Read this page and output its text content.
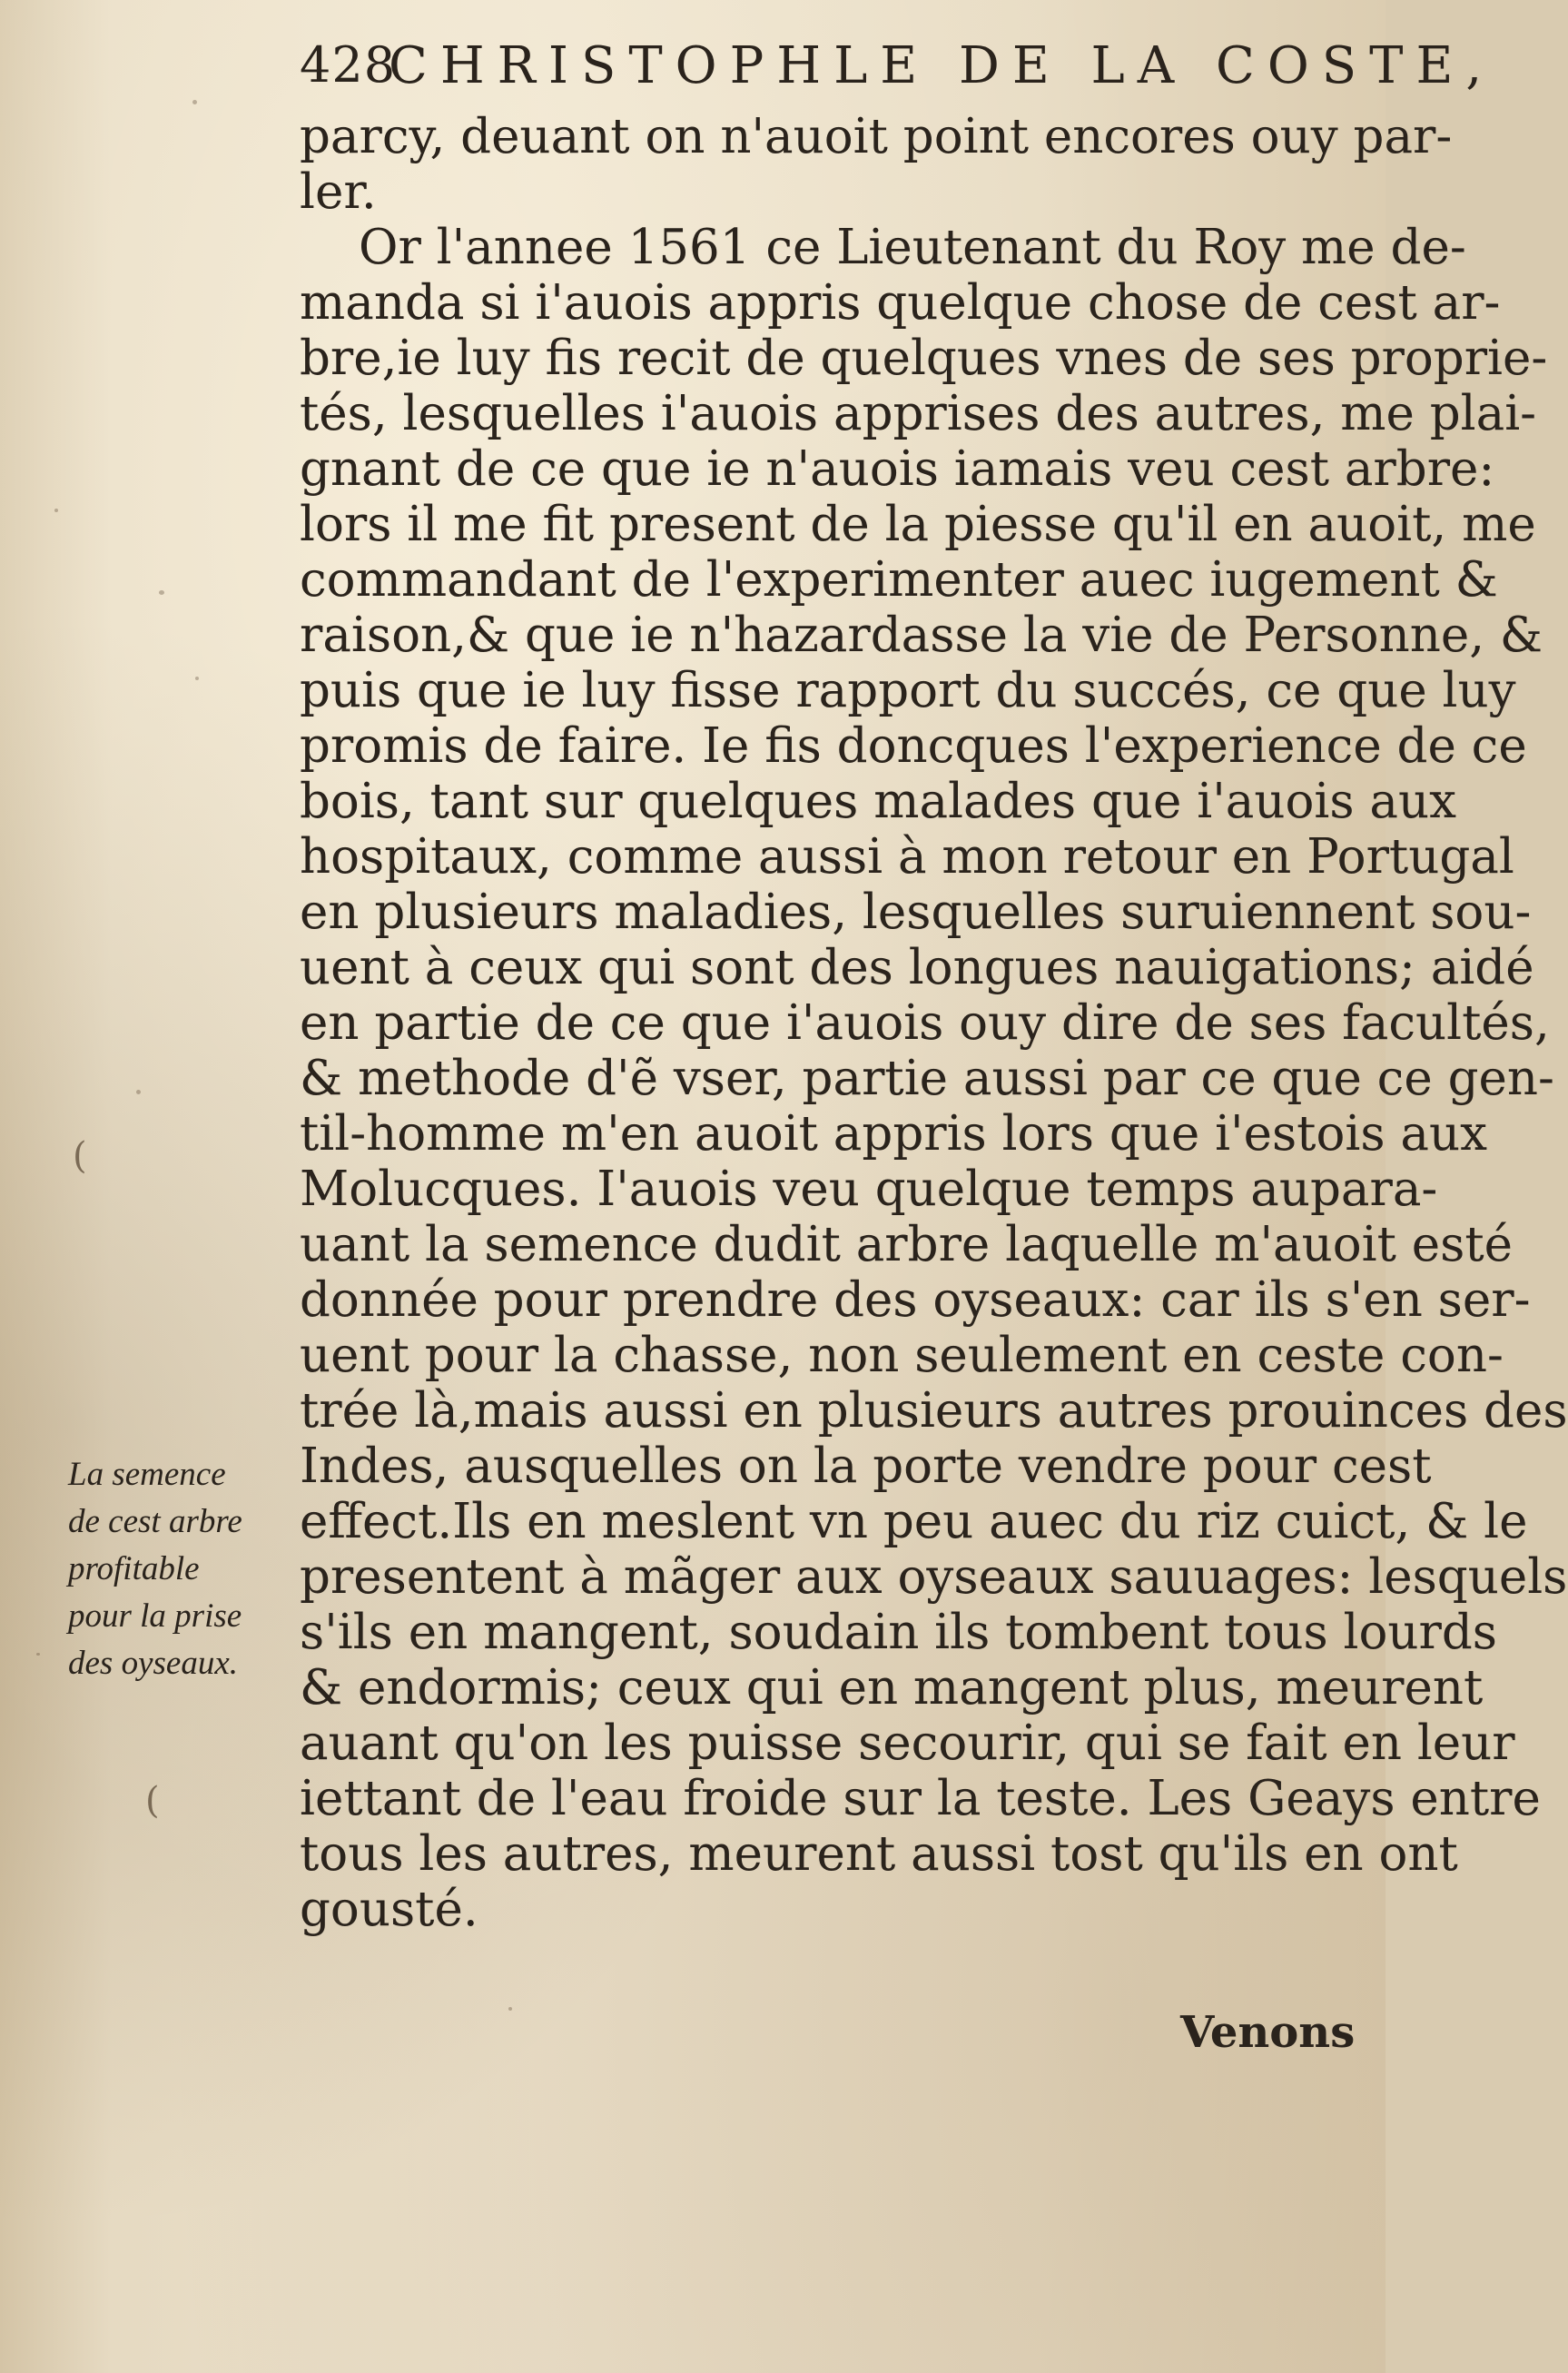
(
(
428
CHRISTOPHLE DE LA COSTE,
parcy, deuant on n'auoit point encores ouy par-
ler.
Or l'annee 1561 ce Lieutenant du Roy me de-
manda si i'auois appris quelque chose de cest ar-
bre,ie luy fis recit de quelques vnes de ses proprie-
tés, lesquelles i'auois apprises des autres, me plai-
gnant de ce que ie n'auois iamais veu cest arbre:
lors il me fit present de la piesse qu'il en auoit, me
commandant de l'experimenter auec iugement &
raison,& que ie n'hazardasse la vie de Personne, &
puis que ie luy fisse rapport du succés, ce que luy
promis de faire. Ie fis doncques l'experience de ce
bois, tant sur quelques malades que i'auois aux
hospitaux, comme aussi à mon retour en Portugal
en plusieurs maladies, lesquelles suruiennent sou-
uent à ceux qui sont des longues nauigations; aidé
en partie de ce que i'auois ouy dire de ses facultés,
& methode d'ẽ vser, partie aussi par ce que ce gen-
til-homme m'en auoit appris lors que i'estois aux
Molucques. I'auois veu quelque temps aupara-
uant la semence dudit arbre laquelle m'auoit esté
donnée pour prendre des oyseaux: car ils s'en ser-
uent pour la chasse, non seulement en ceste con-
trée là,mais aussi en plusieurs autres prouinces des
Indes, ausquelles on la porte vendre pour cest
effect.Ils en meslent vn peu auec du riz cuict, & le
presentent à mãger aux oyseaux sauuages: lesquels
s'ils en mangent, soudain ils tombent tous lourds
& endormis; ceux qui en mangent plus, meurent
auant qu'on les puisse secourir, qui se fait en leur
iettant de l'eau froide sur la teste. Les Geays entre
tous les autres, meurent aussi tost qu'ils en ont
gousté.
Venons
La semence
de cest arbre
profitable
pour la prise
des oyseaux.
